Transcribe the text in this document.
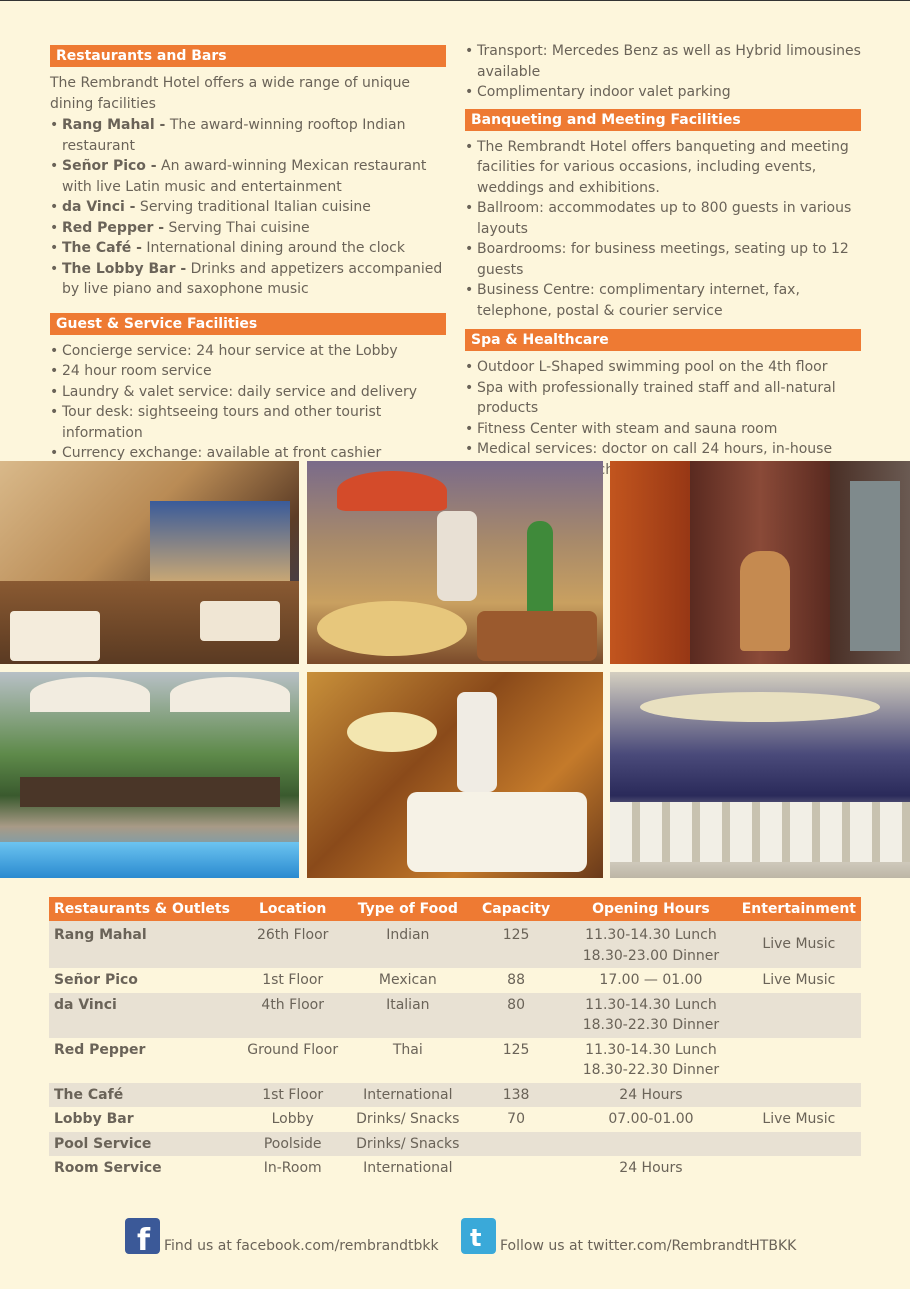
Restaurants and Bars

The Rembrandt Hotel offers a wide range of unique dining facilities

• Rang Mahal - The award-winning rooftop Indian restaurant
• Señor Pico - An award-winning Mexican restaurant with live Latin music and entertainment
• da Vinci - Serving traditional Italian cuisine
• Red Pepper - Serving Thai cuisine
• The Café - International dining around the clock
• The Lobby Bar - Drinks and appetizers accompanied by live piano and saxophone music
Guest & Service Facilities
• Concierge service: 24 hour service at the Lobby
• 24 hour room service
• Laundry & valet service: daily service and delivery
• Tour desk: sightseeing tours and other tourist information
• Currency exchange: available at front cashier
• Transport: Mercedes Benz as well as Hybrid limousines available
• Complimentary indoor valet parking
Banqueting and Meeting Facilities
• The Rembrandt Hotel offers banqueting and meeting facilities for various occasions, including events, weddings and exhibitions.
• Ballroom: accommodates up to 800 guests in various layouts
• Boardrooms: for business meetings, seating up to 12 guests
• Business Centre: complimentary internet, fax, telephone, postal & courier service
Spa & Healthcare
• Outdoor L-Shaped swimming pool on the 4th floor
• Spa with professionally trained staff and all-natural products
• Fitness Center with steam and sauna room
• Medical services: doctor on call 24 hours, in-house
Restaurants & Outlets	Location	Type of Food	Capacity	Opening Hours	Entertainment
Rang Mahal	26th Floor	Indian	125	11.30-14.30 Lunch
18.30-23.00 Dinner	Live Music
Señor Pico	1st Floor	Mexican	88	17.00 — 01.00	Live Music
da Vinci	4th Floor	Italian	80	11.30-14.30 Lunch
18.30-22.30 Dinner	

Red Pepper	Ground Floor	Thai	125	11.30-14.30 Lunch
18.30-22.30 Dinner	

The Café	1st Floor	International	138	24 Hours	
Lobby Bar	Lobby	Drinks/ Snacks	70	07.00-01.00	Live Music
Pool Service	Poolside	Drinks/ Snacks			
Room Service	In-Room	International		24 Hours	
f Find us at facebook.com/rembrandtbkk t Follow us at twitter.com/RembrandtHTBKK
